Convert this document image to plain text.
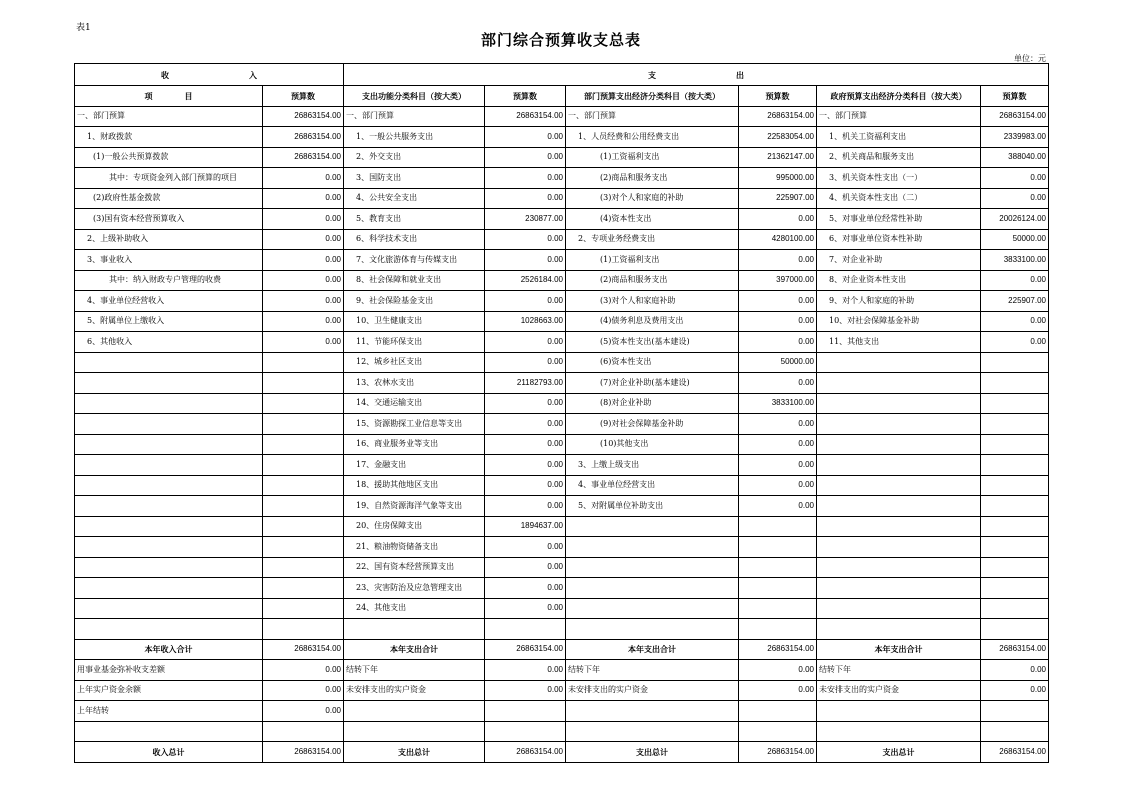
表1
部门综合预算收支总表
单位：元
收　　　　　　　　　　入		支　　　　　　　　　　出					
项　　　　目	预算数	支出功能分类科目（按大类）	预算数	部门预算支出经济分类科目（按大类）	预算数	政府预算支出经济分类科目（按大类）	预算数
一、部门预算	26863154.00	一、部门预算	26863154.00	一、部门预算	26863154.00	一、部门预算	26863154.00
1、财政拨款	26863154.00	1、一般公共服务支出	0.00	1、人员经费和公用经费支出	22583054.00	1、机关工资福利支出	2339983.00
(1)一般公共预算拨款	26863154.00	2、外交支出	0.00	(1)工资福利支出	21362147.00	2、机关商品和服务支出	388040.00
其中：专项资金列入部门预算的项目	0.00	3、国防支出	0.00	(2)商品和服务支出	995000.00	3、机关资本性支出（一）	0.00
(2)政府性基金拨款	0.00	4、公共安全支出	0.00	(3)对个人和家庭的补助	225907.00	4、机关资本性支出（二）	0.00
(3)国有资本经营预算收入	0.00	5、教育支出	230877.00	(4)资本性支出	0.00	5、对事业单位经常性补助	20026124.00
2、上级补助收入	0.00	6、科学技术支出	0.00	2、专项业务经费支出	4280100.00	6、对事业单位资本性补助	50000.00
3、事业收入	0.00	7、文化旅游体育与传媒支出	0.00	(1)工资福利支出	0.00	7、对企业补助	3833100.00
其中：纳入财政专户管理的收费	0.00	8、社会保障和就业支出	2526184.00	(2)商品和服务支出	397000.00	8、对企业资本性支出	0.00
4、事业单位经营收入	0.00	9、社会保险基金支出	0.00	(3)对个人和家庭补助	0.00	9、对个人和家庭的补助	225907.00
5、附属单位上缴收入	0.00	10、卫生健康支出	1028663.00	(4)债务利息及费用支出	0.00	10、对社会保障基金补助	0.00
6、其他收入	0.00	11、节能环保支出	0.00	(5)资本性支出(基本建设)	0.00	11、其他支出	0.00
		12、城乡社区支出	0.00	(6)资本性支出	50000.00		
		13、农林水支出	21182793.00	(7)对企业补助(基本建设)	0.00		
		14、交通运输支出	0.00	(8)对企业补助	3833100.00		
		15、资源勘探工业信息等支出	0.00	(9)对社会保障基金补助	0.00		
		16、商业服务业等支出	0.00	(10)其他支出	0.00		
		17、金融支出	0.00	3、上缴上级支出	0.00		
		18、援助其他地区支出	0.00	4、事业单位经营支出	0.00		
		19、自然资源海洋气象等支出	0.00	5、对附属单位补助支出	0.00		
		20、住房保障支出	1894637.00				
		21、粮油物资储备支出	0.00				
		22、国有资本经营预算支出	0.00				
		23、灾害防治及应急管理支出	0.00				
		24、其他支出	0.00				

本年收入合计	26863154.00	本年支出合计	26863154.00	本年支出合计	26863154.00	本年支出合计	26863154.00
用事业基金弥补收支差额	0.00	结转下年	0.00	结转下年	0.00	结转下年	0.00
上年实户资金余额	0.00	未安排支出的实户资金	0.00	未安排支出的实户资金	0.00	未安排支出的实户资金	0.00
上年结转	0.00						

收入总计	26863154.00	支出总计	26863154.00	支出总计	26863154.00	支出总计	26863154.00
